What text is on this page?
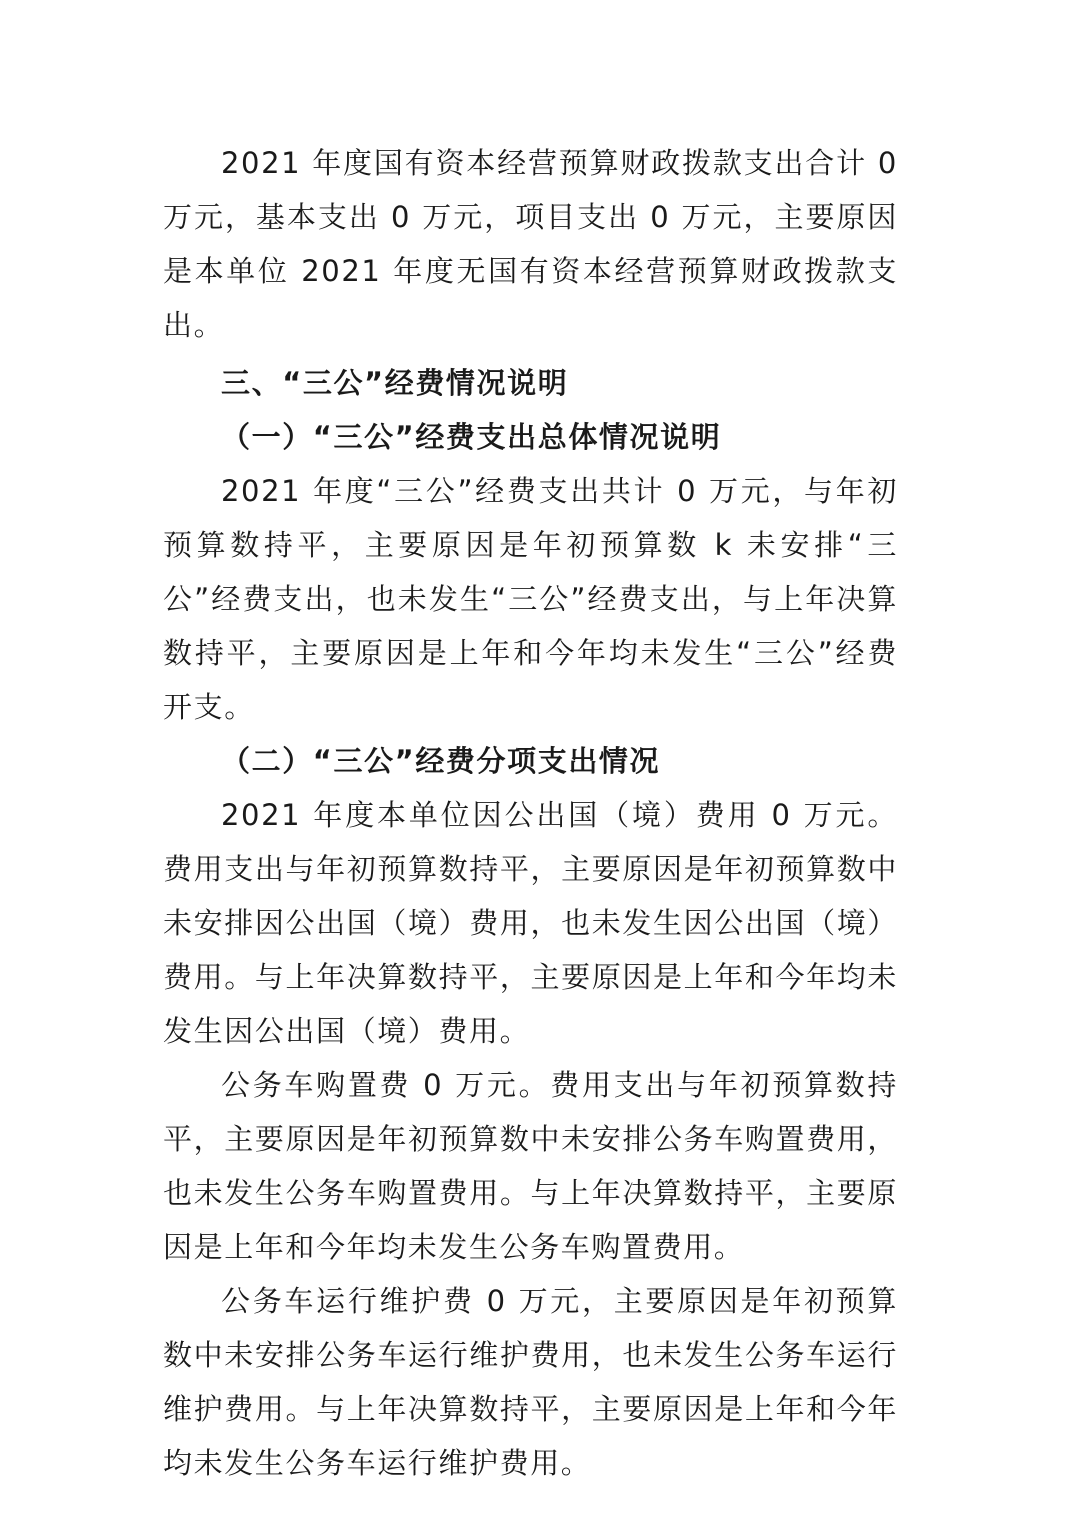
2021 年度国有资本经营预算财政拨款支出合计 0 万元，基本支出 0 万元，项目支出 0 万元，主要原因是本单位 2021 年度无国有资本经营预算财政拨款支出。

三、“三公”经费情况说明

（一）“三公”经费支出总体情况说明

2021 年度“三公”经费支出共计 0 万元，与年初预算数持平，主要原因是年初预算数 k 未安排“三公”经费支出，也未发生“三公”经费支出，与上年决算数持平，主要原因是上年和今年均未发生“三公”经费开支。

（二）“三公”经费分项支出情况

2021 年度本单位因公出国（境）费用 0 万元。费用支出与年初预算数持平，主要原因是年初预算数中未安排因公出国（境）费用，也未发生因公出国（境）费用。与上年决算数持平，主要原因是上年和今年均未发生因公出国（境）费用。

公务车购置费 0 万元。费用支出与年初预算数持平，主要原因是年初预算数中未安排公务车购置费用，也未发生公务车购置费用。与上年决算数持平，主要原因是上年和今年均未发生公务车购置费用。

公务车运行维护费 0 万元，主要原因是年初预算数中未安排公务车运行维护费用，也未发生公务车运行维护费用。与上年决算数持平，主要原因是上年和今年均未发生公务车运行维护费用。
